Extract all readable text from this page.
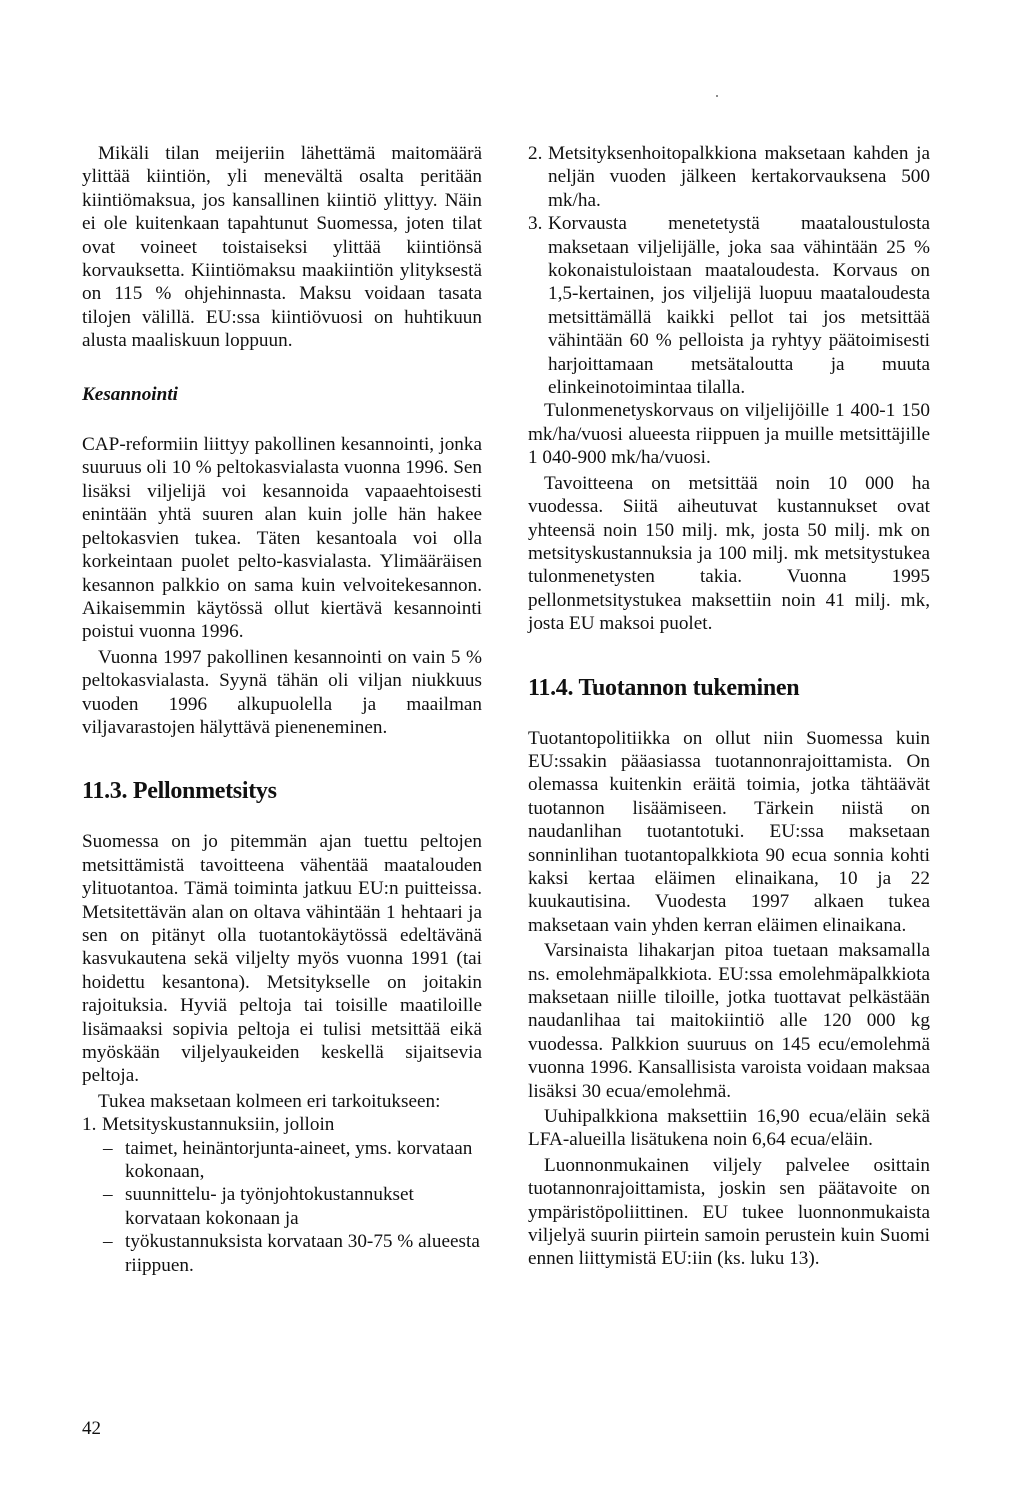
Mikäli tilan meijeriin lähettämä maitomäärä ylittää kiintiön, yli menevältä osalta peritään kiintiömaksua, jos kansallinen kiintiö ylittyy. Näin ei ole kuitenkaan tapahtunut Suomessa, joten tilat ovat voineet toistaiseksi ylittää kiintiönsä korvauksetta. Kiintiömaksu maakiintiön ylityksestä on 115 % ohjehinnasta. Maksu voidaan tasata tilojen välillä. EU:ssa kiintiövuosi on huhtikuun alusta maaliskuun loppuun.

Kesannointi

CAP-reformiin liittyy pakollinen kesannointi, jonka suuruus oli 10 % peltokasvialasta vuonna 1996. Sen lisäksi viljelijä voi kesannoida vapaaehtoisesti enintään yhtä suuren alan kuin jolle hän hakee peltokasvien tukea. Täten kesantoala voi olla korkeintaan puolet pelto-kasvialasta. Ylimääräisen kesannon palkkio on sama kuin velvoitekesannon. Aikaisemmin käytössä ollut kiertävä kesannointi poistui vuonna 1996.

Vuonna 1997 pakollinen kesannointi on vain 5 % peltokasvialasta. Syynä tähän oli viljan niukkuus vuoden 1996 alkupuolella ja maailman viljavarastojen hälyttävä pieneneminen.

11.3. Pellonmetsitys

Suomessa on jo pitemmän ajan tuettu peltojen metsittämistä tavoitteena vähentää maatalouden ylituotantoa. Tämä toiminta jatkuu EU:n puitteissa. Metsitettävän alan on oltava vähintään 1 hehtaari ja sen on pitänyt olla tuotantokäytössä edeltävänä kasvukautena sekä viljelty myös vuonna 1991 (tai hoidettu kesantona). Metsitykselle on joitakin rajoituksia. Hyviä peltoja tai toisille maatiloille lisämaaksi sopivia peltoja ei tulisi metsittää eikä myöskään viljelyaukeiden keskellä sijaitsevia peltoja.

Tukea maksetaan kolmeen eri tarkoitukseen:

1. Metsityskustannuksiin, jolloin
– taimet, heinäntorjunta-aineet, yms. korvataan kokonaan,
– suunnittelu- ja työnjohtokustannukset korvataan kokonaan ja
– työkustannuksista korvataan 30-75 % alueesta riippuen.
2. Metsityksenhoitopalkkiona maksetaan kahden ja neljän vuoden jälkeen kertakorvauksena 500 mk/ha.
3. Korvausta menetetystä maataloustulosta maksetaan viljelijälle, joka saa vähintään 25 % kokonaistuloistaan maataloudesta. Korvaus on 1,5-kertainen, jos viljelijä luopuu maataloudesta metsittämällä kaikki pellot tai jos metsittää vähintään 60 % pelloista ja ryhtyy päätoimisesti harjoittamaan metsätaloutta ja muuta elinkeinotoimintaa tilalla.

Tulonmenetyskorvaus on viljelijöille 1 400-1 150 mk/ha/vuosi alueesta riippuen ja muille metsittäjille 1 040-900 mk/ha/vuosi.

Tavoitteena on metsittää noin 10 000 ha vuodessa. Siitä aiheutuvat kustannukset ovat yhteensä noin 150 milj. mk, josta 50 milj. mk on metsityskustannuksia ja 100 milj. mk metsitystukea tulonmenetysten takia. Vuonna 1995 pellonmetsitystukea maksettiin noin 41 milj. mk, josta EU maksoi puolet.

11.4. Tuotannon tukeminen

Tuotantopolitiikka on ollut niin Suomessa kuin EU:ssakin pääasiassa tuotannonrajoittamista. On olemassa kuitenkin eräitä toimia, jotka tähtäävät tuotannon lisäämiseen. Tärkein niistä on naudanlihan tuotantotuki. EU:ssa maksetaan sonninlihan tuotantopalkkiota 90 ecua sonnia kohti kaksi kertaa eläimen elinaikana, 10 ja 22 kuukautisina. Vuodesta 1997 alkaen tukea maksetaan vain yhden kerran eläimen elinaikana.

Varsinaista lihakarjan pitoa tuetaan maksamalla ns. emolehmäpalkkiota. EU:ssa emolehmäpalkkiota maksetaan niille tiloille, jotka tuottavat pelkästään naudanlihaa tai maitokiintiö alle 120 000 kg vuodessa. Palkkion suuruus on 145 ecu/emolehmä vuonna 1996. Kansallisista varoista voidaan maksaa lisäksi 30 ecua/emolehmä.

Uuhipalkkiona maksettiin 16,90 ecua/eläin sekä LFA-alueilla lisätukena noin 6,64 ecua/eläin.

Luonnonmukainen viljely palvelee osittain tuotannonrajoittamista, joskin sen päätavoite on ympäristöpoliittinen. EU tukee luonnonmukaista viljelyä suurin piirtein samoin perustein kuin Suomi ennen liittymistä EU:iin (ks. luku 13).

42
